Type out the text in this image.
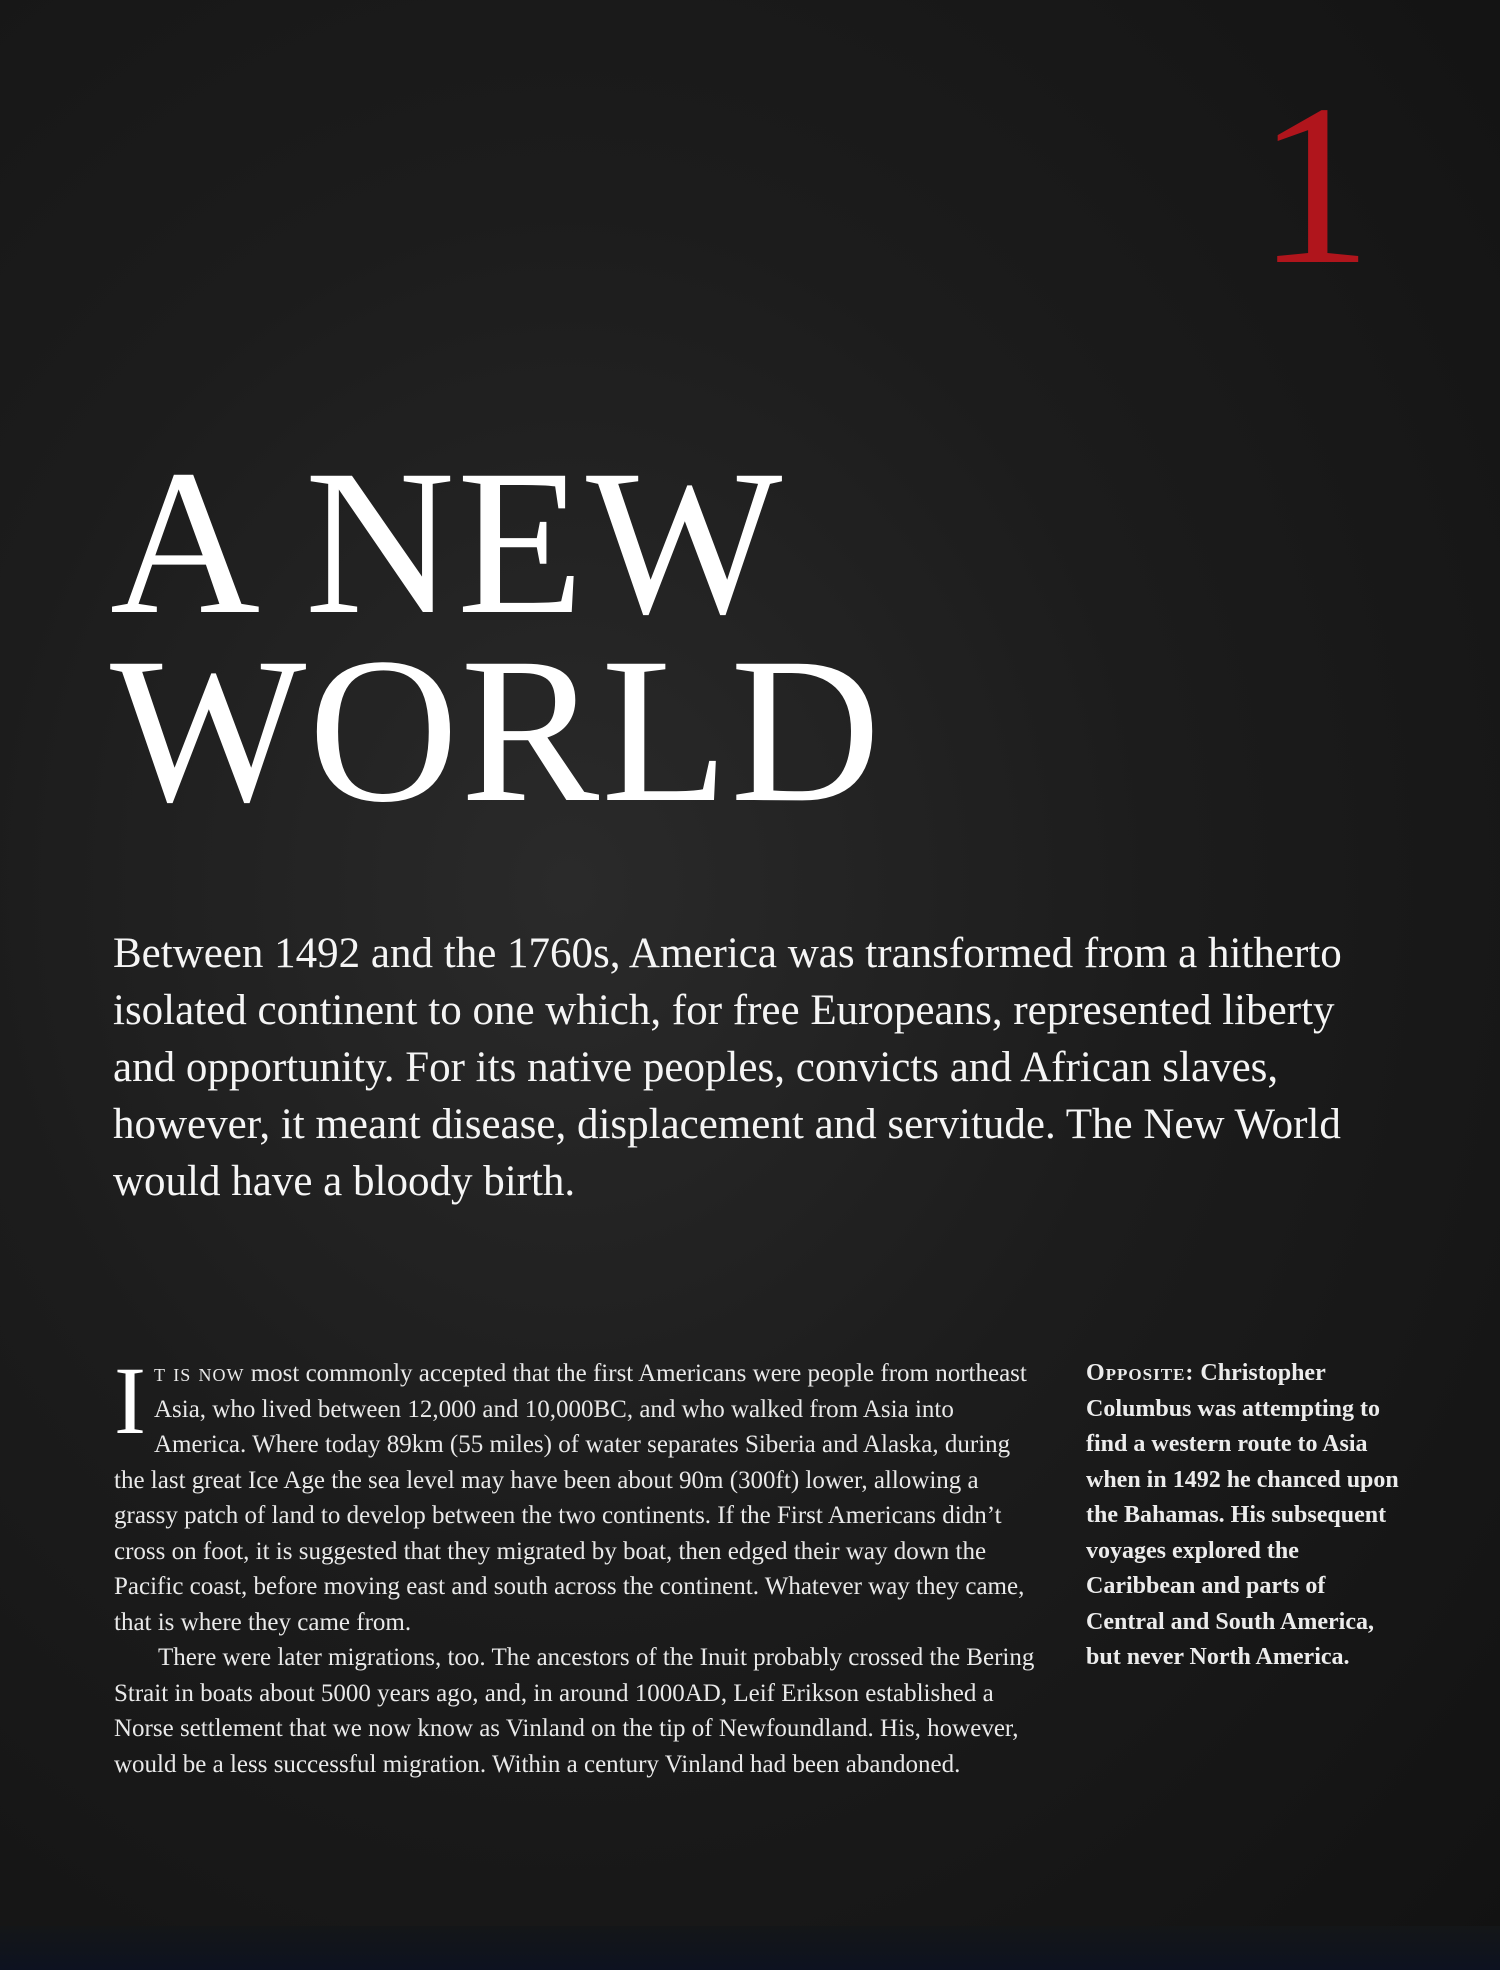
1
A NEW
WORLD

Between 1492 and the 1760s, America was transformed from a hitherto isolated continent to one which, for free Europeans, represented liberty and opportunity. For its native peoples, convicts and African slaves, however, it meant disease, displacement and servitude. The New World would have a bloody birth.

It is now most commonly accepted that the first Americans were people from northeast Asia, who lived between 12,000 and 10,000BC, and who walked from Asia into America. Where today 89km (55 miles) of water separates Siberia and Alaska, during the last great Ice Age the sea level may have been about 90m (300ft) lower, allowing a grassy patch of land to develop between the two continents. If the First Americans didn’t cross on foot, it is suggested that they migrated by boat, then edged their way down the Pacific coast, before moving east and south across the continent. Whatever way they came, that is where they came from.

There were later migrations, too. The ancestors of the Inuit probably crossed the Bering Strait in boats about 5000 years ago, and, in around 1000AD, Leif Erikson established a Norse settlement that we now know as Vinland on the tip of Newfoundland. His, however, would be a less successful migration. Within a century Vinland had been abandoned.

Opposite: Christopher Columbus was attempting to find a western route to Asia when in 1492 he chanced upon the Bahamas. His subsequent voyages explored the Caribbean and parts of Central and South America, but never North America.
